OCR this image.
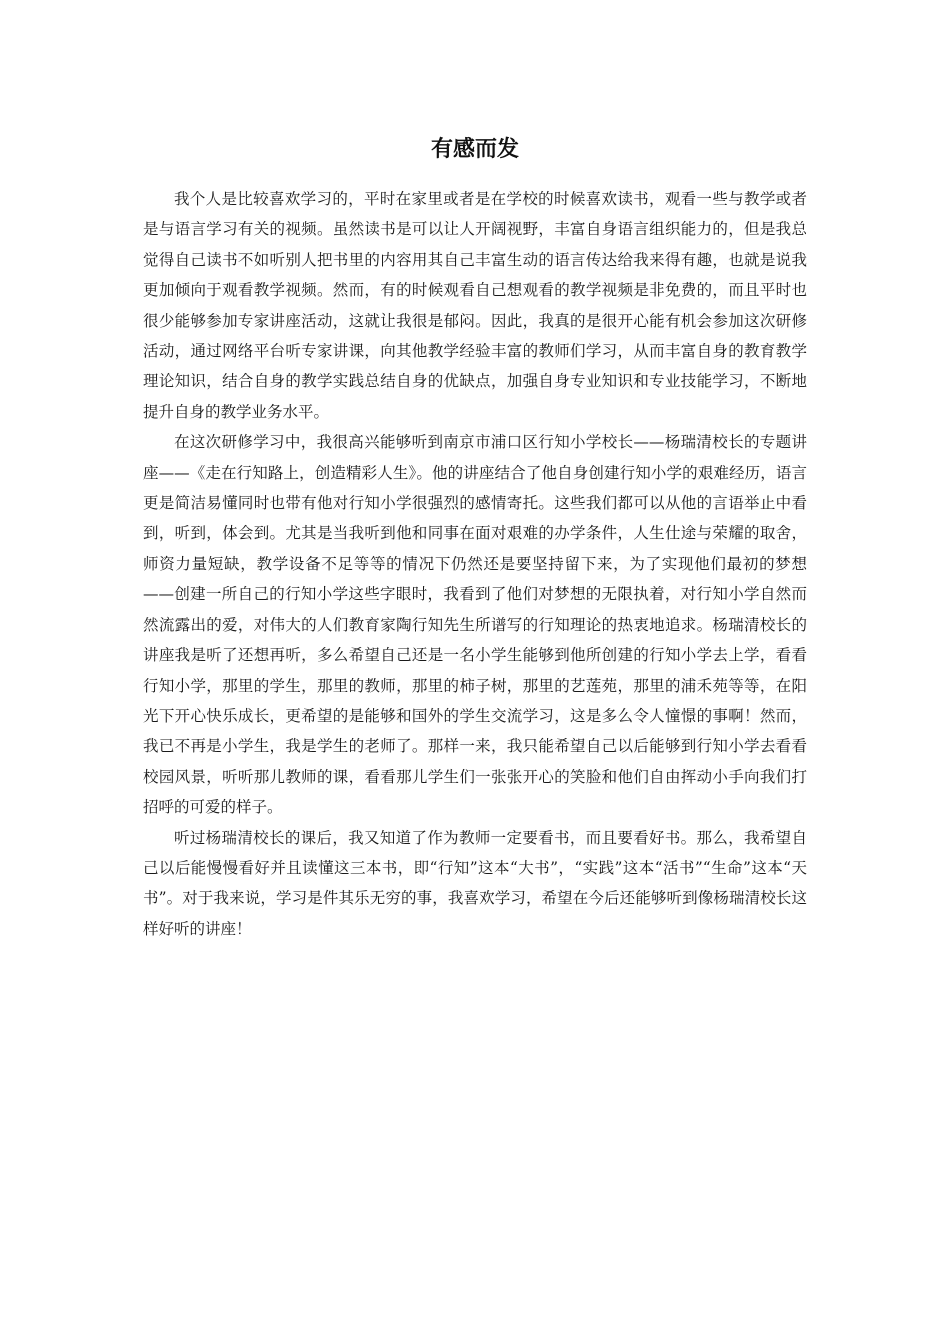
有感而发

我个人是比较喜欢学习的，平时在家里或者是在学校的时候喜欢读书，观看一些与教学或者是与语言学习有关的视频。虽然读书是可以让人开阔视野，丰富自身语言组织能力的，但是我总觉得自己读书不如听别人把书里的内容用其自己丰富生动的语言传达给我来得有趣，也就是说我更加倾向于观看教学视频。然而，有的时候观看自己想观看的教学视频是非免费的，而且平时也很少能够参加专家讲座活动，这就让我很是郁闷。因此，我真的是很开心能有机会参加这次研修活动，通过网络平台听专家讲课，向其他教学经验丰富的教师们学习，从而丰富自身的教育教学理论知识，结合自身的教学实践总结自身的优缺点，加强自身专业知识和专业技能学习，不断地提升自身的教学业务水平。

在这次研修学习中，我很高兴能够听到南京市浦口区行知小学校长——杨瑞清校长的专题讲座——《走在行知路上，创造精彩人生》。他的讲座结合了他自身创建行知小学的艰难经历，语言更是简洁易懂同时也带有他对行知小学很强烈的感情寄托。这些我们都可以从他的言语举止中看到，听到，体会到。尤其是当我听到他和同事在面对艰难的办学条件，人生仕途与荣耀的取舍，师资力量短缺，教学设备不足等等的情况下仍然还是要坚持留下来，为了实现他们最初的梦想——创建一所自己的行知小学这些字眼时，我看到了他们对梦想的无限执着，对行知小学自然而然流露出的爱，对伟大的人们教育家陶行知先生所谱写的行知理论的热衷地追求。杨瑞清校长的讲座我是听了还想再听，多么希望自己还是一名小学生能够到他所创建的行知小学去上学，看看行知小学，那里的学生，那里的教师，那里的柿子树，那里的艺莲苑，那里的浦禾苑等等，在阳光下开心快乐成长，更希望的是能够和国外的学生交流学习，这是多么令人憧憬的事啊！然而，我已不再是小学生，我是学生的老师了。那样一来，我只能希望自己以后能够到行知小学去看看校园风景，听听那儿教师的课，看看那儿学生们一张张开心的笑脸和他们自由挥动小手向我们打招呼的可爱的样子。

听过杨瑞清校长的课后，我又知道了作为教师一定要看书，而且要看好书。那么，我希望自己以后能慢慢看好并且读懂这三本书，即“行知”这本“大书”，“实践”这本“活书”“生命”这本“天书”。对于我来说，学习是件其乐无穷的事，我喜欢学习，希望在今后还能够听到像杨瑞清校长这样好听的讲座！
